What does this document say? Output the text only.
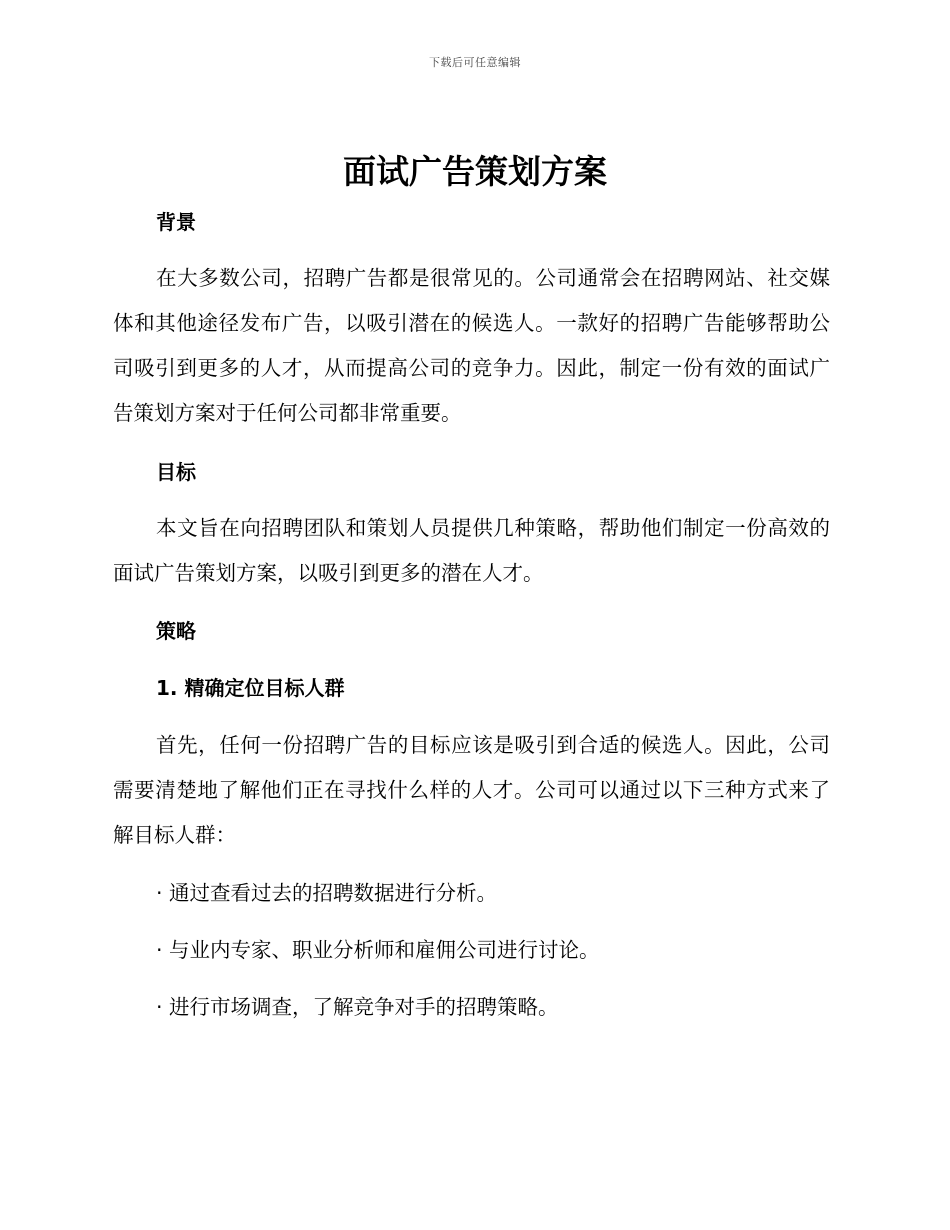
下载后可任意编辑
面试广告策划方案
背景

在大多数公司，招聘广告都是很常见的。公司通常会在招聘网站、社交媒体和其他途径发布广告，以吸引潜在的候选人。一款好的招聘广告能够帮助公司吸引到更多的人才，从而提高公司的竞争力。因此，制定一份有效的面试广告策划方案对于任何公司都非常重要。

目标

本文旨在向招聘团队和策划人员提供几种策略，帮助他们制定一份高效的面试广告策划方案，以吸引到更多的潜在人才。

策略
1. 精确定位目标人群

首先，任何一份招聘广告的目标应该是吸引到合适的候选人。因此，公司需要清楚地了解他们正在寻找什么样的人才。公司可以通过以下三种方式来了解目标人群：

· 通过查看过去的招聘数据进行分析。

· 与业内专家、职业分析师和雇佣公司进行讨论。

· 进行市场调查，了解竞争对手的招聘策略。
